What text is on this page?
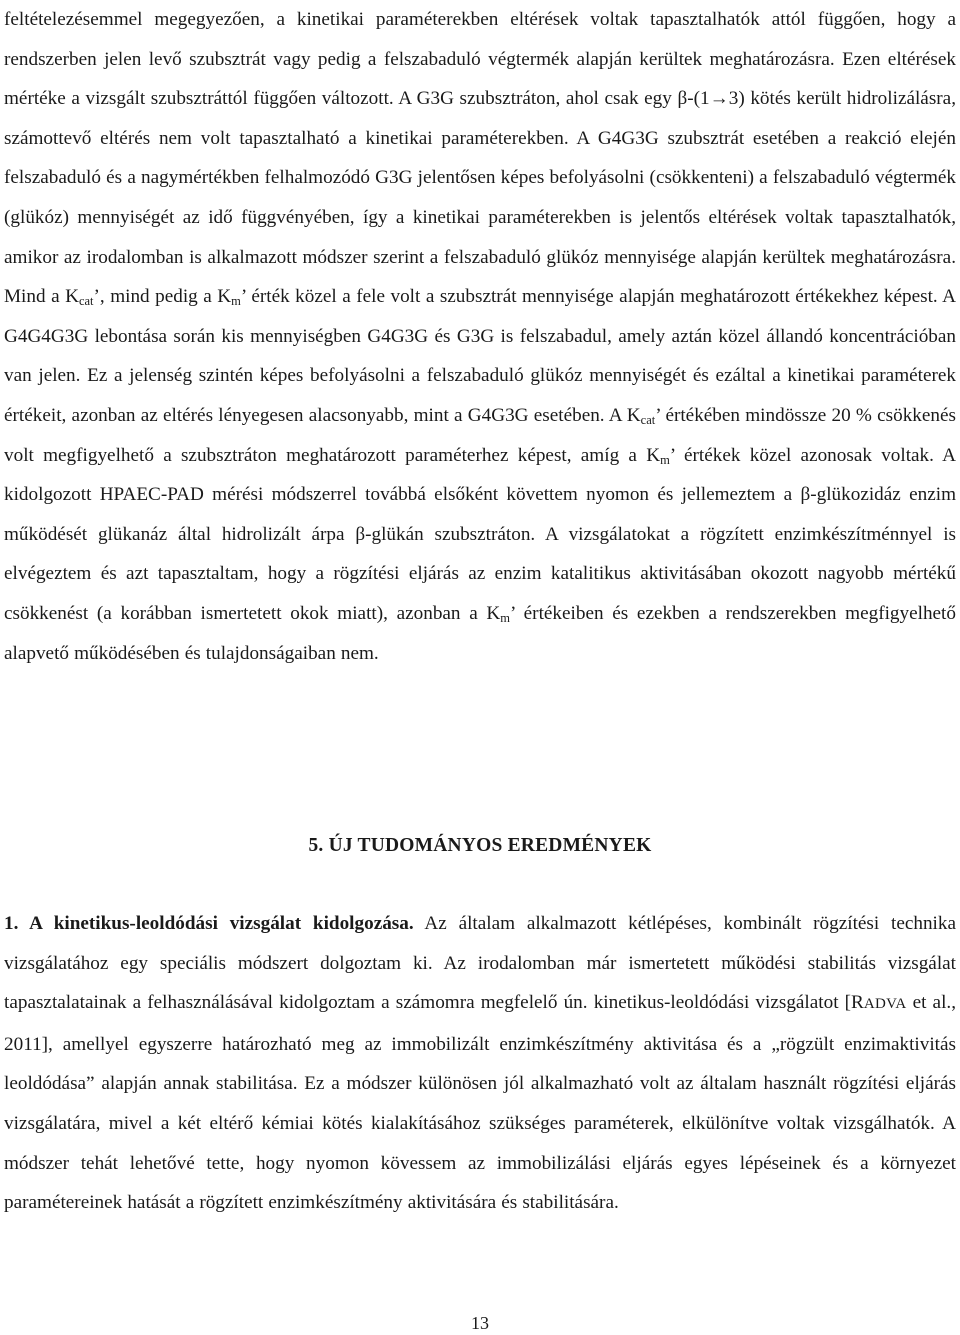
feltételezésemmel megegyezően, a kinetikai paraméterekben eltérések voltak tapasztalhatók attól függően, hogy a rendszerben jelen levő szubsztrát vagy pedig a felszabaduló végtermék alapján kerültek meghatározásra. Ezen eltérések mértéke a vizsgált szubsztráttól függően változott. A G3G szubsztráton, ahol csak egy β-(1→3) kötés került hidrolizálásra, számottevő eltérés nem volt tapasztalható a kinetikai paraméterekben. A G4G3G szubsztrát esetében a reakció elején felszabaduló és a nagymértékben felhalmozódó G3G jelentősen képes befolyásolni (csökkenteni) a felszabaduló végtermék (glükóz) mennyiségét az idő függvényében, így a kinetikai paraméterekben is jelentős eltérések voltak tapasztalhatók, amikor az irodalomban is alkalmazott módszer szerint a felszabaduló glükóz mennyisége alapján kerültek meghatározásra. Mind a $K_{cat}$’, mind pedig a $K_m$’ érték közel a fele volt a szubsztrát mennyisége alapján meghatározott értékekhez képest. A G4G4G3G lebontása során kis mennyiségben G4G3G és G3G is felszabadul, amely aztán közel állandó koncentrációban van jelen. Ez a jelenség szintén képes befolyásolni a felszabaduló glükóz mennyiségét és ezáltal a kinetikai paraméterek értékeit, azonban az eltérés lényegesen alacsonyabb, mint a G4G3G esetében. A $K_{cat}$’ értékében mindössze 20 % csökkenés volt megfigyelhető a szubsztráton meghatározott paraméterhez képest, amíg a $K_m$’ értékek közel azonosak voltak. A kidolgozott HPAEC-PAD mérési módszerrel továbbá elsőként követtem nyomon és jellemeztem a β-glükozidáz enzim működését glükanáz által hidrolizált árpa β-glükán szubsztráton. A vizsgálatokat a rögzített enzimkészítménnyel is elvégeztem és azt tapasztaltam, hogy a rögzítési eljárás az enzim katalitikus aktivitásában okozott nagyobb mértékű csökkenést (a korábban ismertetett okok miatt), azonban a $K_m$’ értékeiben és ezekben a rendszerekben megfigyelhető alapvető működésében és tulajdonságaiban nem.

5. ÚJ TUDOMÁNYOS EREDMÉNYEK

1. A kinetikus-leoldódási vizsgálat kidolgozása. Az általam alkalmazott kétlépéses, kombinált rögzítési technika vizsgálatához egy speciális módszert dolgoztam ki. Az irodalomban már ismertetett működési stabilitás vizsgálat tapasztalatainak a felhasználásával kidolgoztam a számomra megfelelő ún. kinetikus-leoldódási vizsgálatot [RADVA et al., 2011], amellyel egyszerre határozható meg az immobilizált enzimkészítmény aktivitása és a „rögzült enzimaktivitás leoldódása” alapján annak stabilitása. Ez a módszer különösen jól alkalmazható volt az általam használt rögzítési eljárás vizsgálatára, mivel a két eltérő kémiai kötés kialakításához szükséges paraméterek, elkülönítve voltak vizsgálhatók. A módszer tehát lehetővé tette, hogy nyomon kövessem az immobilizálási eljárás egyes lépéseinek és a környezet paramétereinek hatását a rögzített enzimkészítmény aktivitására és stabilitására.

13
